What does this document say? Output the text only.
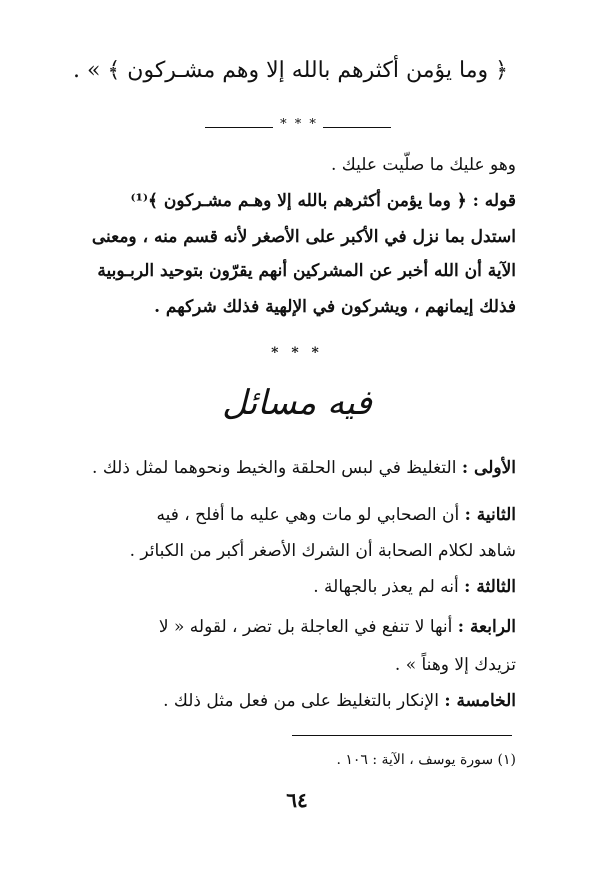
﴿ وما يؤمن أكثرهم بالله إلا وهم مشـركون ﴾ » .
* * *
وهو عليك ما صلّيت عليك .
قوله : ﴿ وما يؤمن أكثرهم بالله إلا وهـم مشـركون ﴾⁽¹⁾
استدل بما نزل في الأكبر على الأصغر لأنه قسم منه ، ومعنى
الآية أن الله أخبر عن المشركين أنهم يقرّون بتوحيد الربـوبية
فذلك إيمانهم ، ويشركون في الإلهية فذلك شركهم .
* * *
فيه مسائل
الأولى : التغليظ في لبس الحلقة والخيط ونحوهما لمثل ذلك .
الثانية : أن الصحابي لو مات وهي عليه ما أفلح ، فيه
شاهد لكلام الصحابة أن الشرك الأصغر أكبر من الكبائر .
الثالثة : أنه لم يعذر بالجهالة .
الرابعة : أنها لا تنفع في العاجلة بل تضر ، لقوله « لا
تزيدك إلا وهناً » .
الخامسة : الإنكار بالتغليظ على من فعل مثل ذلك .
(١) سورة يوسف ، الآية : ١٠٦ .
٦٤
